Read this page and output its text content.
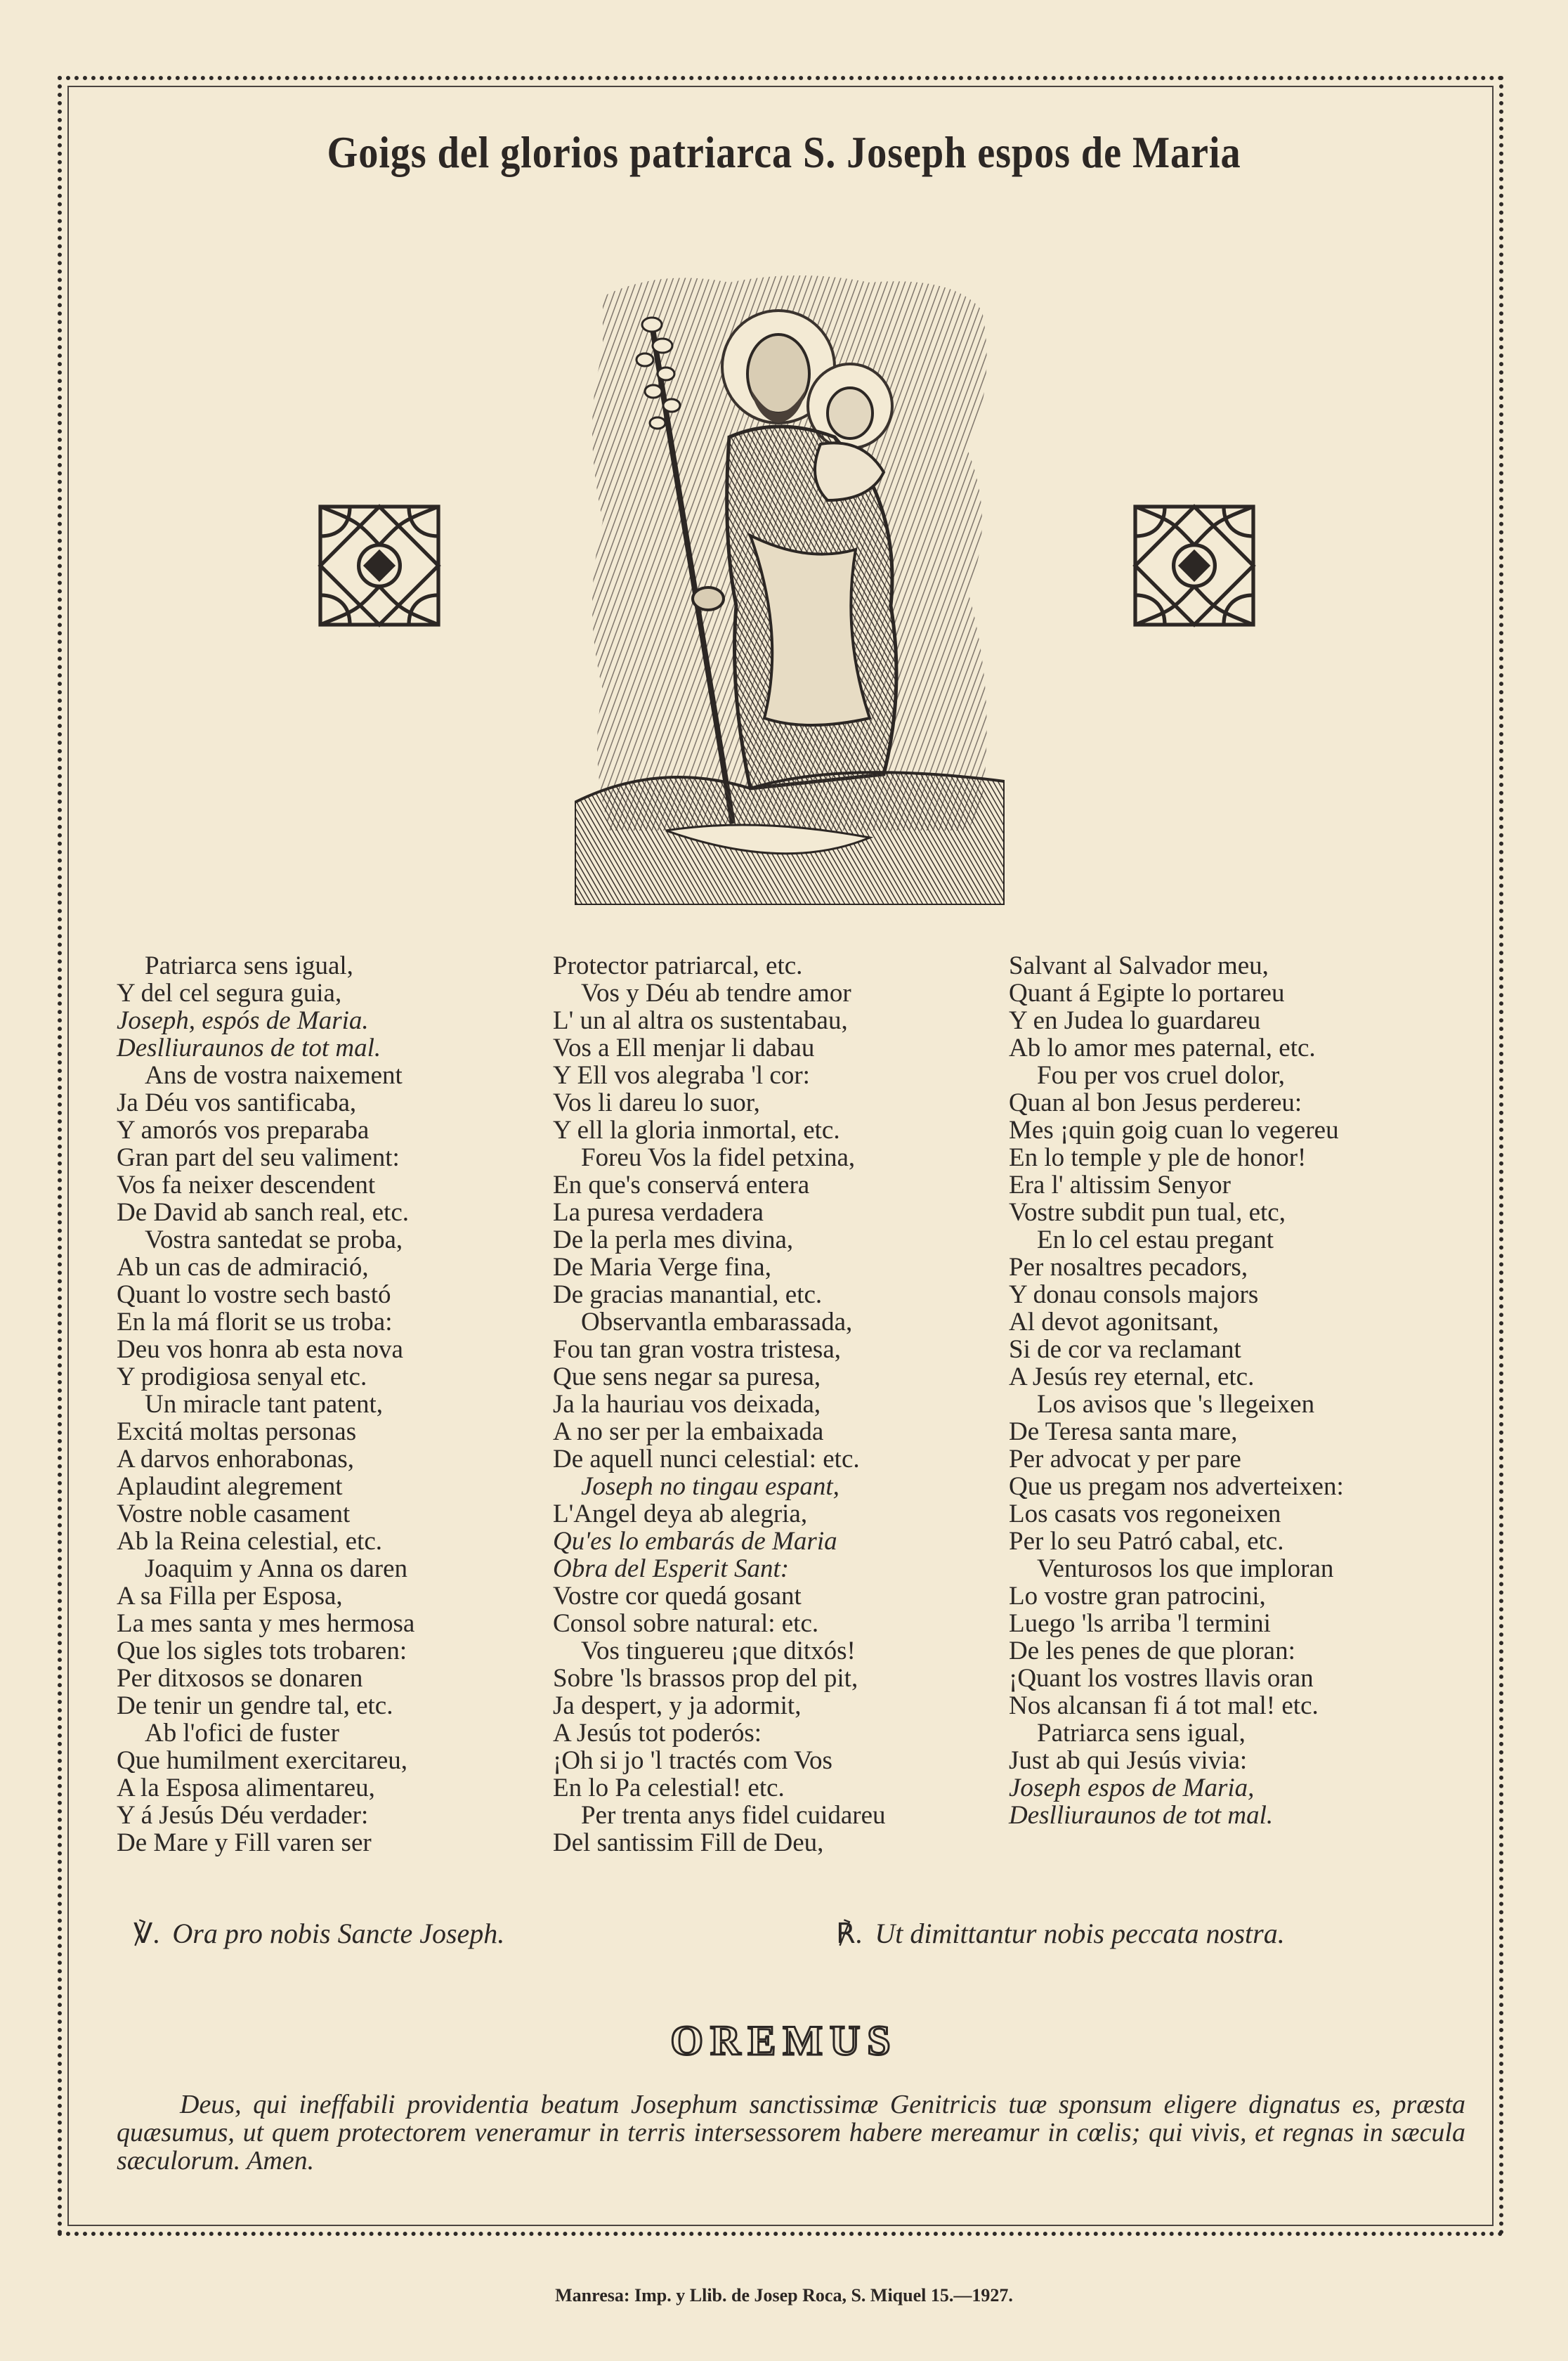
Goigs del glorios patriarca S. Joseph espos de Maria
Patriarca sens igual,
Y del cel segura guia,
Joseph, espós de Maria.
Deslliuraunos de tot mal.
Ans de vostra naixement
Ja Déu vos santificaba,
Y amorós vos preparaba
Gran part del seu valiment:
Vos fa neixer descendent
De David ab sanch real, etc.
Vostra santedat se proba,
Ab un cas de admiració,
Quant lo vostre sech bastó
En la má florit se us troba:
Deu vos honra ab esta nova
Y prodigiosa senyal etc.
Un miracle tant patent,
Excitá moltas personas
A darvos enhorabonas,
Aplaudint alegrement
Vostre noble casament
Ab la Reina celestial, etc.
Joaquim y Anna os daren
A sa Filla per Esposa,
La mes santa y mes hermosa
Que los sigles tots trobaren:
Per ditxosos se donaren
De tenir un gendre tal, etc.
Ab l'ofici de fuster
Que humilment exercitareu,
A la Esposa alimentareu,
Y á Jesús Déu verdader:
De Mare y Fill varen ser
Protector patriarcal, etc.
Vos y Déu ab tendre amor
L' un al altra os sustentabau,
Vos a Ell menjar li dabau
Y Ell vos alegraba 'l cor:
Vos li dareu lo suor,
Y ell la gloria inmortal, etc.
Foreu Vos la fidel petxina,
En que's conservá entera
La puresa verdadera
De la perla mes divina,
De Maria Verge fina,
De gracias manantial, etc.
Observantla embarassada,
Fou tan gran vostra tristesa,
Que sens negar sa puresa,
Ja la hauriau vos deixada,
A no ser per la embaixada
De aquell nunci celestial: etc.
Joseph no tingau espant,
L'Angel deya ab alegria,
Qu'es lo embarás de Maria
Obra del Esperit Sant:
Vostre cor quedá gosant
Consol sobre natural: etc.
Vos tinguereu ¡que ditxós!
Sobre 'ls brassos prop del pit,
Ja despert, y ja adormit,
A Jesús tot poderós:
¡Oh si jo 'l tractés com Vos
En lo Pa celestial! etc.
Per trenta anys fidel cuidareu
Del santissim Fill de Deu,
Salvant al Salvador meu,
Quant á Egipte lo portareu
Y en Judea lo guardareu
Ab lo amor mes paternal, etc.
Fou per vos cruel dolor,
Quan al bon Jesus perdereu:
Mes ¡quin goig cuan lo vegereu
En lo temple y ple de honor!
Era l' altissim Senyor
Vostre subdit pun tual, etc,
En lo cel estau pregant
Per nosaltres pecadors,
Y donau consols majors
Al devot agonitsant,
Si de cor va reclamant
A Jesús rey eternal, etc.
Los avisos que 's llegeixen
De Teresa santa mare,
Per advocat y per pare
Que us pregam nos adverteixen:
Los casats vos regoneixen
Per lo seu Patró cabal, etc.
Venturosos los que imploran
Lo vostre gran patrocini,
Luego 'ls arriba 'l termini
De les penes de que ploran:
¡Quant los vostres llavis oran
Nos alcansan fi á tot mal! etc.
Patriarca sens igual,
Just ab qui Jesús vivia:
Joseph espos de Maria,
Deslliuraunos de tot mal.
℣. Ora pro nobis Sancte Joseph.	℟. Ut dimittantur nobis peccata nostra.
OREMUS
Deus, qui ineffabili providentia beatum Josephum sanctissimæ Genitricis tuæ sponsum eligere dignatus es, præsta quæsumus, ut quem protectorem veneramur in terris intersessorem habere mereamur in cœlis; qui vivis, et regnas in sæcula sæculorum. Amen.
Manresa: Imp. y Llib. de Josep Roca, S. Miquel 15.—1927.
